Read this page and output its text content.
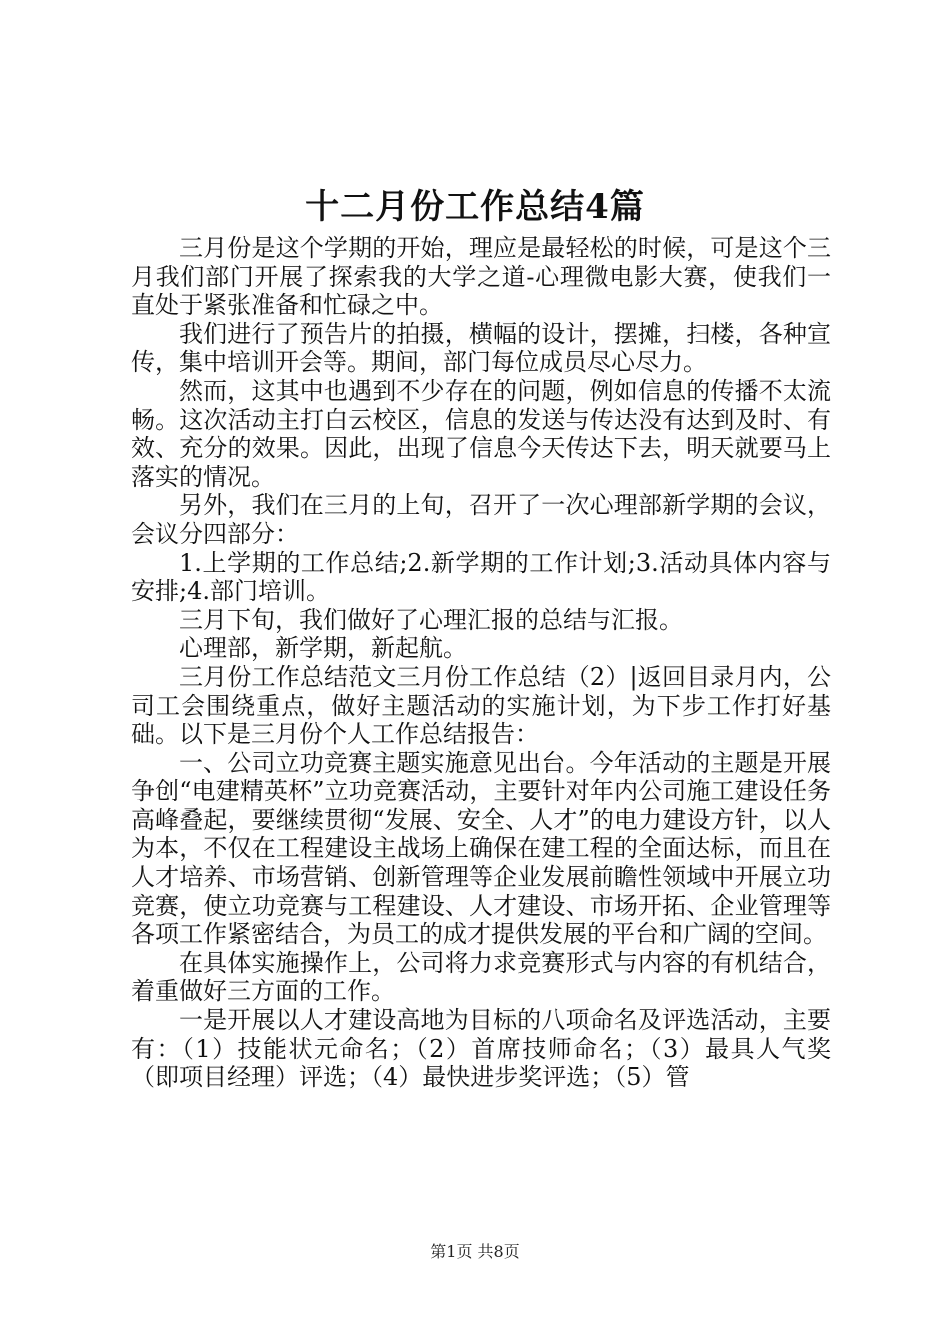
十二月份工作总结4篇

三月份是这个学期的开始，理应是最轻松的时候，可是这个三月我们部门开展了探索我的大学之道-心理微电影大赛，使我们一直处于紧张准备和忙碌之中。

我们进行了预告片的拍摄，横幅的设计，摆摊，扫楼，各种宣传，集中培训开会等。期间，部门每位成员尽心尽力。

然而，这其中也遇到不少存在的问题，例如信息的传播不太流畅。这次活动主打白云校区，信息的发送与传达没有达到及时、有效、充分的效果。因此，出现了信息今天传达下去，明天就要马上落实的情况。

另外，我们在三月的上旬，召开了一次心理部新学期的会议，会议分四部分：

1.上学期的工作总结;2.新学期的工作计划;3.活动具体内容与安排;4.部门培训。

三月下旬，我们做好了心理汇报的总结与汇报。

心理部，新学期，新起航。

三月份工作总结范文三月份工作总结（2）|返回目录月内，公司工会围绕重点，做好主题活动的实施计划，为下步工作打好基础。以下是三月份个人工作总结报告：

一、公司立功竞赛主题实施意见出台。今年活动的主题是开展争创“电建精英杯”立功竞赛活动，主要针对年内公司施工建设任务高峰叠起，要继续贯彻“发展、安全、人才”的电力建设方针，以人为本，不仅在工程建设主战场上确保在建工程的全面达标，而且在人才培养、市场营销、创新管理等企业发展前瞻性领域中开展立功竞赛，使立功竞赛与工程建设、人才建设、市场开拓、企业管理等各项工作紧密结合，为员工的成才提供发展的平台和广阔的空间。

在具体实施操作上，公司将力求竞赛形式与内容的有机结合，着重做好三方面的工作。

一是开展以人才建设高地为目标的八项命名及评选活动，主要有：（1）技能状元命名；（2）首席技师命名；（3）最具人气奖（即项目经理）评选；（4）最快进步奖评选；（5）管

第1页 共8页
